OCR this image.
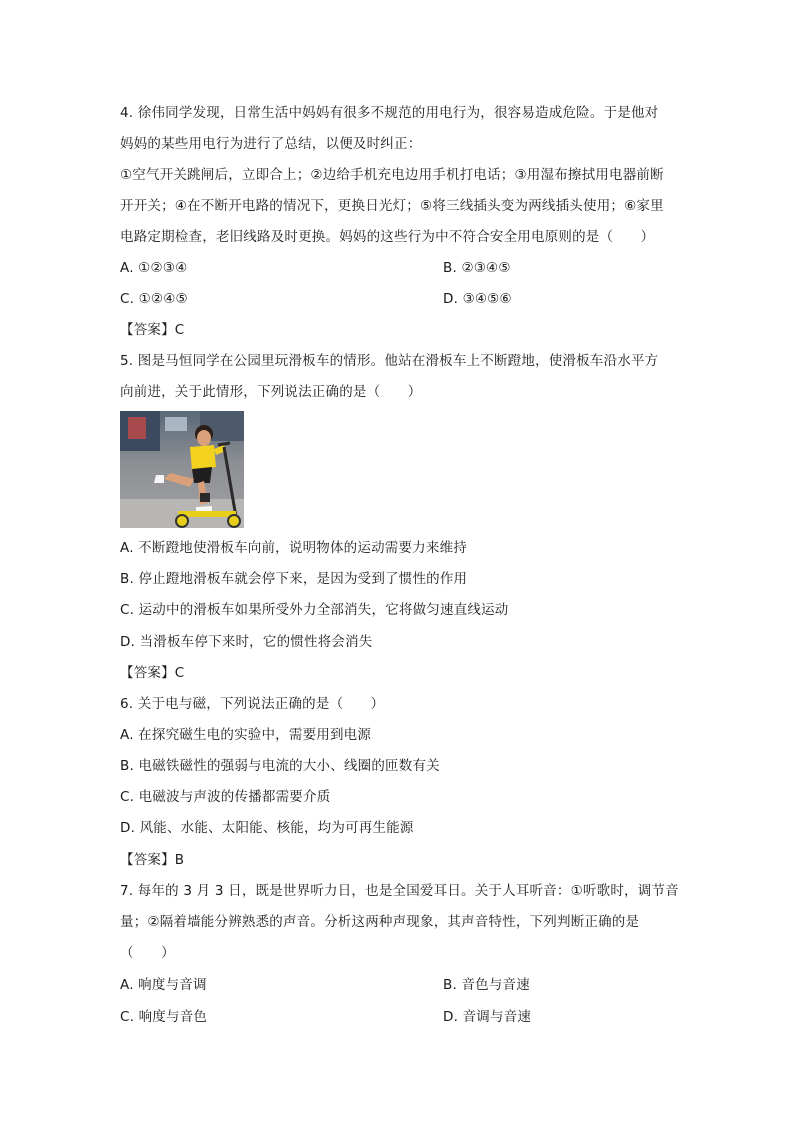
4. 徐伟同学发现，日常生活中妈妈有很多不规范的用电行为，很容易造成危险。于是他对
妈妈的某些用电行为进行了总结，以便及时纠正：
①空气开关跳闸后，立即合上；②边给手机充电边用手机打电话；③用湿布擦拭用电器前断
开开关；④在不断开电路的情况下，更换日光灯；⑤将三线插头变为两线插头使用；⑥家里
电路定期检查，老旧线路及时更换。妈妈的这些行为中不符合安全用电原则的是（　　）
A. ①②③④	B. ②③④⑤
C. ①②④⑤	D. ③④⑤⑥
【答案】C
5. 图是马恒同学在公园里玩滑板车的情形。他站在滑板车上不断蹬地，使滑板车沿水平方
向前进，关于此情形，下列说法正确的是（　　）
A. 不断蹬地使滑板车向前，说明物体的运动需要力来维持
B. 停止蹬地滑板车就会停下来，是因为受到了惯性的作用
C. 运动中的滑板车如果所受外力全部消失，它将做匀速直线运动
D. 当滑板车停下来时，它的惯性将会消失
【答案】C
6. 关于电与磁，下列说法正确的是（　　）
A. 在探究磁生电的实验中，需要用到电源
B. 电磁铁磁性的强弱与电流的大小、线圈的匝数有关
C. 电磁波与声波的传播都需要介质
D. 风能、水能、太阳能、核能，均为可再生能源
【答案】B
7. 每年的 3 月 3 日，既是世界听力日，也是全国爱耳日。关于人耳听音：①听歌时，调节音
量；②隔着墙能分辨熟悉的声音。分析这两种声现象，其声音特性，下列判断正确的是
（　　）
A. 响度与音调	B. 音色与音速
C. 响度与音色	D. 音调与音速
